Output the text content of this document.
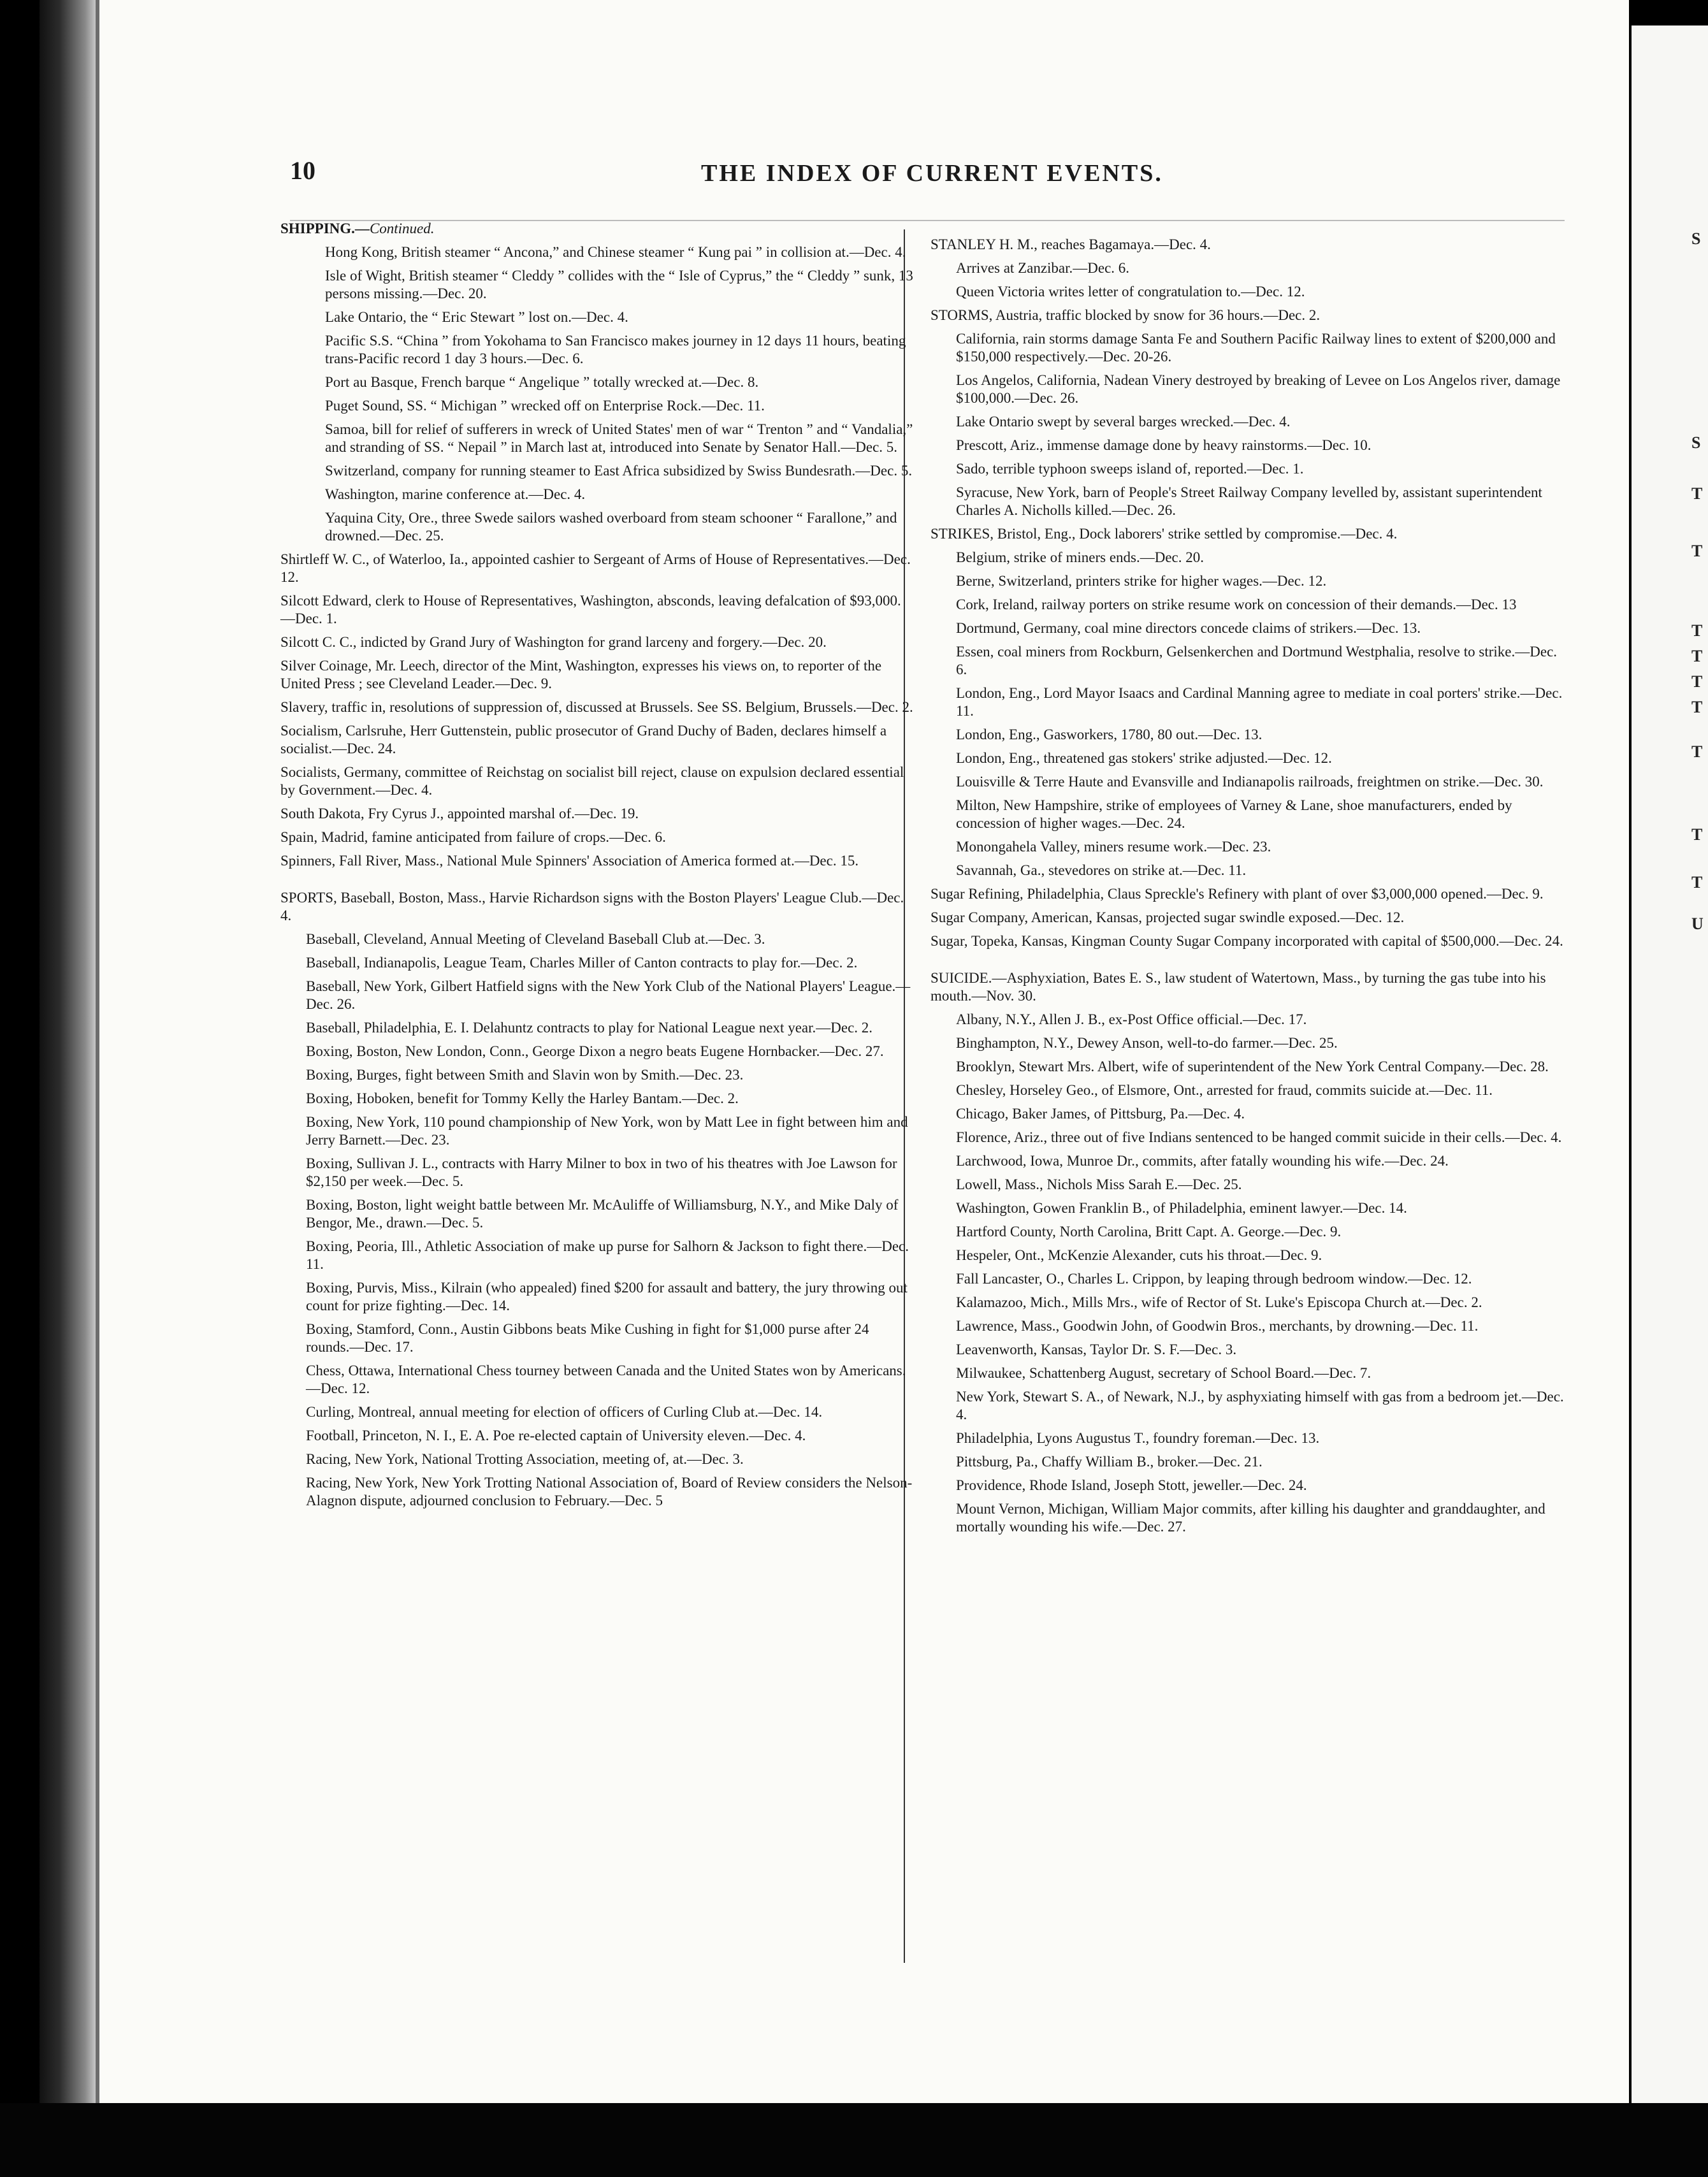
S
S
T
T
T
T
T
T
T
T
T
U
10	THE INDEX OF CURRENT EVENTS.

SHIPPING.—Continued.

Hong Kong, British steamer “ Ancona,” and Chinese steamer “ Kung pai ” in collision at.—Dec. 4.

Isle of Wight, British steamer “ Cleddy ” collides with the “ Isle of Cyprus,” the “ Cleddy ” sunk, 13 persons missing.—Dec. 20.

Lake Ontario, the “ Eric Stewart ” lost on.—Dec. 4.

Pacific S.S. “China ” from Yokohama to San Francisco makes journey in 12 days 11 hours, beating trans-Pacific record 1 day 3 hours.—Dec. 6.

Port au Basque, French barque “ Angelique ” totally wrecked at.—Dec. 8.

Puget Sound, SS. “ Michigan ” wrecked off on Enterprise Rock.—Dec. 11.

Samoa, bill for relief of sufferers in wreck of United States' men of war “ Trenton ” and “ Vandalia,” and stranding of SS. “ Nepail ” in March last at, introduced into Senate by Senator Hall.—Dec. 5.

Switzerland, company for running steamer to East Africa subsidized by Swiss Bundesrath.—Dec. 5.

Washington, marine conference at.—Dec. 4.

Yaquina City, Ore., three Swede sailors washed overboard from steam schooner “ Farallone,” and drowned.—Dec. 25.

Shirtleff W. C., of Waterloo, Ia., appointed cashier to Sergeant of Arms of House of Representatives.—Dec. 12.

Silcott Edward, clerk to House of Representatives, Washington, absconds, leaving defalcation of $93,000.—Dec. 1.

Silcott C. C., indicted by Grand Jury of Washington for grand larceny and forgery.—Dec. 20.

Silver Coinage, Mr. Leech, director of the Mint, Washington, expresses his views on, to reporter of the United Press ; see Cleveland Leader.—Dec. 9.

Slavery, traffic in, resolutions of suppression of, discussed at Brussels. See SS. Belgium, Brussels.—Dec. 2.

Socialism, Carlsruhe, Herr Guttenstein, public prosecutor of Grand Duchy of Baden, declares himself a socialist.—Dec. 24.

Socialists, Germany, committee of Reichstag on socialist bill reject, clause on expulsion declared essential by Government.—Dec. 4.

South Dakota, Fry Cyrus J., appointed marshal of.—Dec. 19.

Spain, Madrid, famine anticipated from failure of crops.—Dec. 6.

Spinners, Fall River, Mass., National Mule Spinners' Association of America formed at.—Dec. 15.

SPORTS, Baseball, Boston, Mass., Harvie Richardson signs with the Boston Players' League Club.—Dec. 4.

Baseball, Cleveland, Annual Meeting of Cleveland Baseball Club at.—Dec. 3.

Baseball, Indianapolis, League Team, Charles Miller of Canton contracts to play for.—Dec. 2.

Baseball, New York, Gilbert Hatfield signs with the New York Club of the National Players' League.—Dec. 26.

Baseball, Philadelphia, E. I. Delahuntz contracts to play for National League next year.—Dec. 2.

Boxing, Boston, New London, Conn., George Dixon a negro beats Eugene Hornbacker.—Dec. 27.

Boxing, Burges, fight between Smith and Slavin won by Smith.—Dec. 23.

Boxing, Hoboken, benefit for Tommy Kelly the Harley Bantam.—Dec. 2.

Boxing, New York, 110 pound championship of New York, won by Matt Lee in fight between him and Jerry Barnett.—Dec. 23.

Boxing, Sullivan J. L., contracts with Harry Milner to box in two of his theatres with Joe Lawson for $2,150 per week.—Dec. 5.

Boxing, Boston, light weight battle between Mr. McAuliffe of Williamsburg, N.Y., and Mike Daly of Bengor, Me., drawn.—Dec. 5.

Boxing, Peoria, Ill., Athletic Association of make up purse for Salhorn & Jackson to fight there.—Dec. 11.

Boxing, Purvis, Miss., Kilrain (who appealed) fined $200 for assault and battery, the jury throwing out count for prize fighting.—Dec. 14.

Boxing, Stamford, Conn., Austin Gibbons beats Mike Cushing in fight for $1,000 purse after 24 rounds.—Dec. 17.

Chess, Ottawa, International Chess tourney between Canada and the United States won by Americans.—Dec. 12.

Curling, Montreal, annual meeting for election of officers of Curling Club at.—Dec. 14.

Football, Princeton, N. I., E. A. Poe re-elected captain of University eleven.—Dec. 4.

Racing, New York, National Trotting Association, meeting of, at.—Dec. 3.

Racing, New York, New York Trotting National Association of, Board of Review considers the Nelson-Alagnon dispute, adjourned conclusion to February.—Dec. 5

STANLEY H. M., reaches Bagamaya.—Dec. 4.

Arrives at Zanzibar.—Dec. 6.

Queen Victoria writes letter of congratulation to.—Dec. 12.

STORMS, Austria, traffic blocked by snow for 36 hours.—Dec. 2.

California, rain storms damage Santa Fe and Southern Pacific Railway lines to extent of $200,000 and $150,000 respectively.—Dec. 20-26.

Los Angelos, California, Nadean Vinery destroyed by breaking of Levee on Los Angelos river, damage $100,000.—Dec. 26.

Lake Ontario swept by several barges wrecked.—Dec. 4.

Prescott, Ariz., immense damage done by heavy rainstorms.—Dec. 10.

Sado, terrible typhoon sweeps island of, reported.—Dec. 1.

Syracuse, New York, barn of People's Street Railway Company levelled by, assistant superintendent Charles A. Nicholls killed.—Dec. 26.

STRIKES, Bristol, Eng., Dock laborers' strike settled by compromise.—Dec. 4.

Belgium, strike of miners ends.—Dec. 20.

Berne, Switzerland, printers strike for higher wages.—Dec. 12.

Cork, Ireland, railway porters on strike resume work on concession of their demands.—Dec. 13

Dortmund, Germany, coal mine directors concede claims of strikers.—Dec. 13.

Essen, coal miners from Rockburn, Gelsenkerchen and Dortmund Westphalia, resolve to strike.—Dec. 6.

London, Eng., Lord Mayor Isaacs and Cardinal Manning agree to mediate in coal porters' strike.—Dec. 11.

London, Eng., Gasworkers, 1780, 80 out.—Dec. 13.

London, Eng., threatened gas stokers' strike adjusted.—Dec. 12.

Louisville & Terre Haute and Evansville and Indianapolis railroads, freightmen on strike.—Dec. 30.

Milton, New Hampshire, strike of employees of Varney & Lane, shoe manufacturers, ended by concession of higher wages.—Dec. 24.

Monongahela Valley, miners resume work.—Dec. 23.

Savannah, Ga., stevedores on strike at.—Dec. 11.

Sugar Refining, Philadelphia, Claus Spreckle's Refinery with plant of over $3,000,000 opened.—Dec. 9.

Sugar Company, American, Kansas, projected sugar swindle exposed.—Dec. 12.

Sugar, Topeka, Kansas, Kingman County Sugar Company incorporated with capital of $500,000.—Dec. 24.

SUICIDE.—Asphyxiation, Bates E. S., law student of Watertown, Mass., by turning the gas tube into his mouth.—Nov. 30.

Albany, N.Y., Allen J. B., ex-Post Office official.—Dec. 17.

Binghampton, N.Y., Dewey Anson, well-to-do farmer.—Dec. 25.

Brooklyn, Stewart Mrs. Albert, wife of superintendent of the New York Central Company.—Dec. 28.

Chesley, Horseley Geo., of Elsmore, Ont., arrested for fraud, commits suicide at.—Dec. 11.

Chicago, Baker James, of Pittsburg, Pa.—Dec. 4.

Florence, Ariz., three out of five Indians sentenced to be hanged commit suicide in their cells.—Dec. 4.

Larchwood, Iowa, Munroe Dr., commits, after fatally wounding his wife.—Dec. 24.

Lowell, Mass., Nichols Miss Sarah E.—Dec. 25.

Washington, Gowen Franklin B., of Philadelphia, eminent lawyer.—Dec. 14.

Hartford County, North Carolina, Britt Capt. A. George.—Dec. 9.

Hespeler, Ont., McKenzie Alexander, cuts his throat.—Dec. 9.

Fall Lancaster, O., Charles L. Crippon, by leaping through bedroom window.—Dec. 12.

Kalamazoo, Mich., Mills Mrs., wife of Rector of St. Luke's Episcopa Church at.—Dec. 2.

Lawrence, Mass., Goodwin John, of Goodwin Bros., merchants, by drowning.—Dec. 11.

Leavenworth, Kansas, Taylor Dr. S. F.—Dec. 3.

Milwaukee, Schattenberg August, secretary of School Board.—Dec. 7.

New York, Stewart S. A., of Newark, N.J., by asphyxiating himself with gas from a bedroom jet.—Dec. 4.

Philadelphia, Lyons Augustus T., foundry foreman.—Dec. 13.

Pittsburg, Pa., Chaffy William B., broker.—Dec. 21.

Providence, Rhode Island, Joseph Stott, jeweller.—Dec. 24.

Mount Vernon, Michigan, William Major commits, after killing his daughter and granddaughter, and mortally wounding his wife.—Dec. 27.
